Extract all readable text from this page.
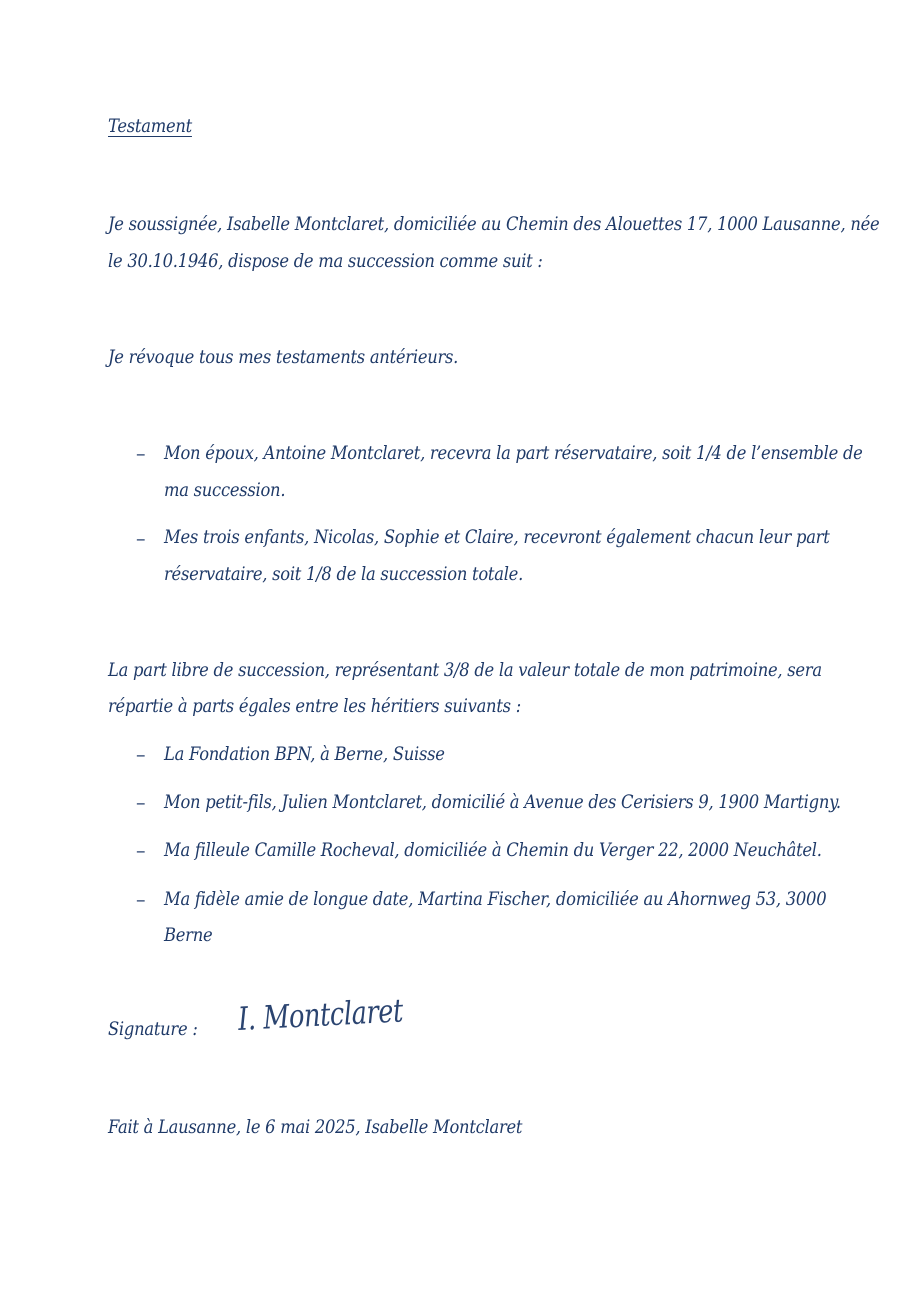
Testament
Je soussignée, Isabelle Montclaret, domiciliée au Chemin des Alouettes 17, 1000 Lausanne, née
le 30.10.1946, dispose de ma succession comme suit :
Je révoque tous mes testaments antérieurs.
– Mon époux, Antoine Montclaret, recevra la part réservataire, soit 1/4 de l’ensemble de
ma succession.
– Mes trois enfants, Nicolas, Sophie et Claire, recevront également chacun leur part
réservataire, soit 1/8 de la succession totale.
La part libre de succession, représentant 3/8 de la valeur totale de mon patrimoine, sera
répartie à parts égales entre les héritiers suivants :
– La Fondation BPN, à Berne, Suisse
– Mon petit-fils, Julien Montclaret, domicilié à Avenue des Cerisiers 9, 1900 Martigny.
– Ma filleule Camille Rocheval, domiciliée à Chemin du Verger 22, 2000 Neuchâtel.
– Ma fidèle amie de longue date, Martina Fischer, domiciliée au Ahornweg 53, 3000
Berne
Signature : I. Montclaret
Fait à Lausanne, le 6 mai 2025, Isabelle Montclaret
